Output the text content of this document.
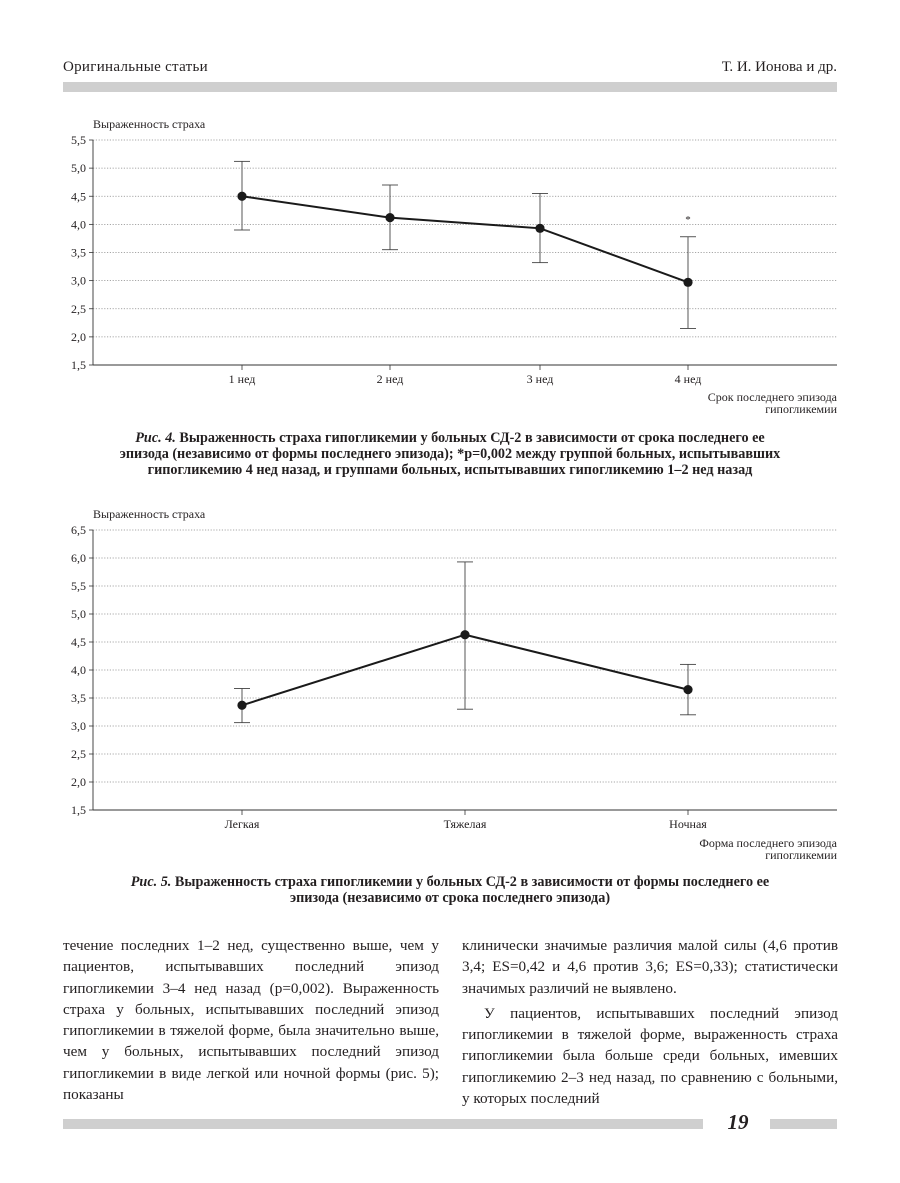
Оригинальные статьи	Т. И. Ионова и др.
1,5
2,0
2,5
3,0
3,5
4,0
4,5
5,0
5,5
Выраженность страха
1 нед	2 нед	3 нед	4 нед
Срок последнего эпизода
гипогликемии
*
Рис. 4. Выраженность страха гипогликемии у больных СД-2 в зависимости от срока последнего ее эпизода (независимо от формы последнего эпизода); *p=0,002 между группой больных, испытывавших гипогликемию 4 нед назад, и группами больных, испытывавших гипогликемию 1–2 нед назад
1,5
2,0
2,5
3,0
3,5
4,0
4,5
5,0
5,5
6,0
6,5
Выраженность страха
Легкая	Тяжелая	Ночная
Форма последнего эпизода
гипогликемии
Рис. 5. Выраженность страха гипогликемии у больных СД-2 в зависимости от формы последнего ее эпизода (независимо от срока последнего эпизода)

течение последних 1–2 нед, существенно выше, чем у пациентов, испытывавших последний эпизод гипогликемии 3–4 нед назад (p=0,002). Выраженность страха у больных, испытывавших последний эпизод гипогликемии в тяжелой форме, была значительно выше, чем у больных, испытывавших последний эпизод гипогликемии в виде легкой или ночной формы (рис. 5); показаны

клинически значимые различия малой силы (4,6 против 3,4; ES=0,42 и 4,6 против 3,6; ES=0,33); статистически значимых различий не выявлено.

У пациентов, испытывавших последний эпизод гипогликемии в тяжелой форме, выраженность страха гипогликемии была больше среди больных, имевших гипогликемию 2–3 нед назад, по сравнению с больными, у которых последний

19
